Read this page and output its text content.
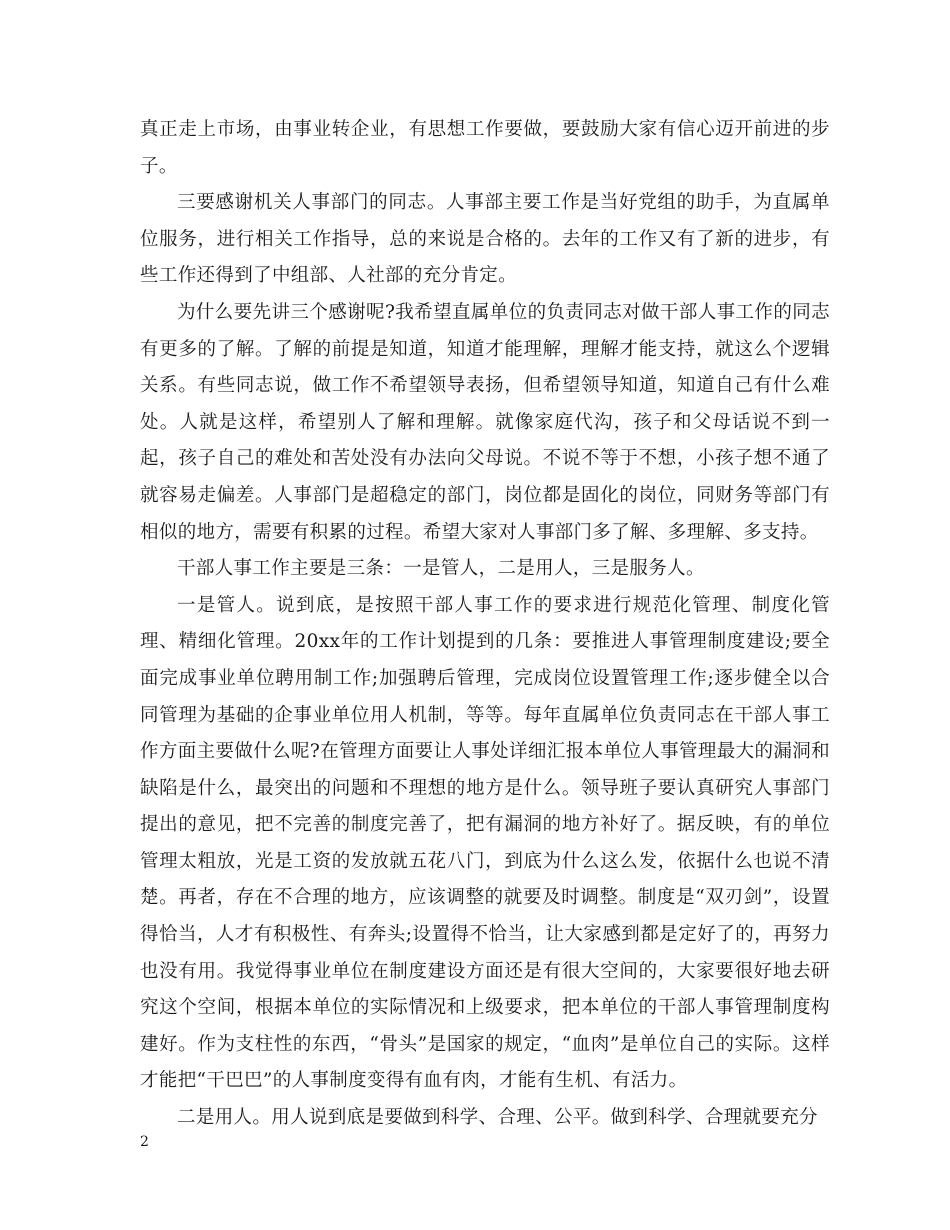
真正走上市场，由事业转企业，有思想工作要做，要鼓励大家有信心迈开前进的步子。

三要感谢机关人事部门的同志。人事部主要工作是当好党组的助手，为直属单位服务，进行相关工作指导，总的来说是合格的。去年的工作又有了新的进步，有些工作还得到了中组部、人社部的充分肯定。

为什么要先讲三个感谢呢?我希望直属单位的负责同志对做干部人事工作的同志有更多的了解。了解的前提是知道，知道才能理解，理解才能支持，就这么个逻辑关系。有些同志说，做工作不希望领导表扬，但希望领导知道，知道自己有什么难处。人就是这样，希望别人了解和理解。就像家庭代沟，孩子和父母话说不到一起，孩子自己的难处和苦处没有办法向父母说。不说不等于不想，小孩子想不通了就容易走偏差。人事部门是超稳定的部门，岗位都是固化的岗位，同财务等部门有相似的地方，需要有积累的过程。希望大家对人事部门多了解、多理解、多支持。

干部人事工作主要是三条：一是管人，二是用人，三是服务人。

一是管人。说到底，是按照干部人事工作的要求进行规范化管理、制度化管理、精细化管理。20xx年的工作计划提到的几条：要推进人事管理制度建设;要全面完成事业单位聘用制工作;加强聘后管理，完成岗位设置管理工作;逐步健全以合同管理为基础的企事业单位用人机制，等等。每年直属单位负责同志在干部人事工作方面主要做什么呢?在管理方面要让人事处详细汇报本单位人事管理最大的漏洞和缺陷是什么，最突出的问题和不理想的地方是什么。领导班子要认真研究人事部门提出的意见，把不完善的制度完善了，把有漏洞的地方补好了。据反映，有的单位管理太粗放，光是工资的发放就五花八门，到底为什么这么发，依据什么也说不清楚。再者，存在不合理的地方，应该调整的就要及时调整。制度是“双刃剑”，设置得恰当，人才有积极性、有奔头;设置得不恰当，让大家感到都是定好了的，再努力也没有用。我觉得事业单位在制度建设方面还是有很大空间的，大家要很好地去研究这个空间，根据本单位的实际情况和上级要求，把本单位的干部人事管理制度构建好。作为支柱性的东西，“骨头”是国家的规定，“血肉”是单位自己的实际。这样才能把“干巴巴”的人事制度变得有血有肉，才能有生机、有活力。

二是用人。用人说到底是要做到科学、合理、公平。做到科学、合理就要充分

2
